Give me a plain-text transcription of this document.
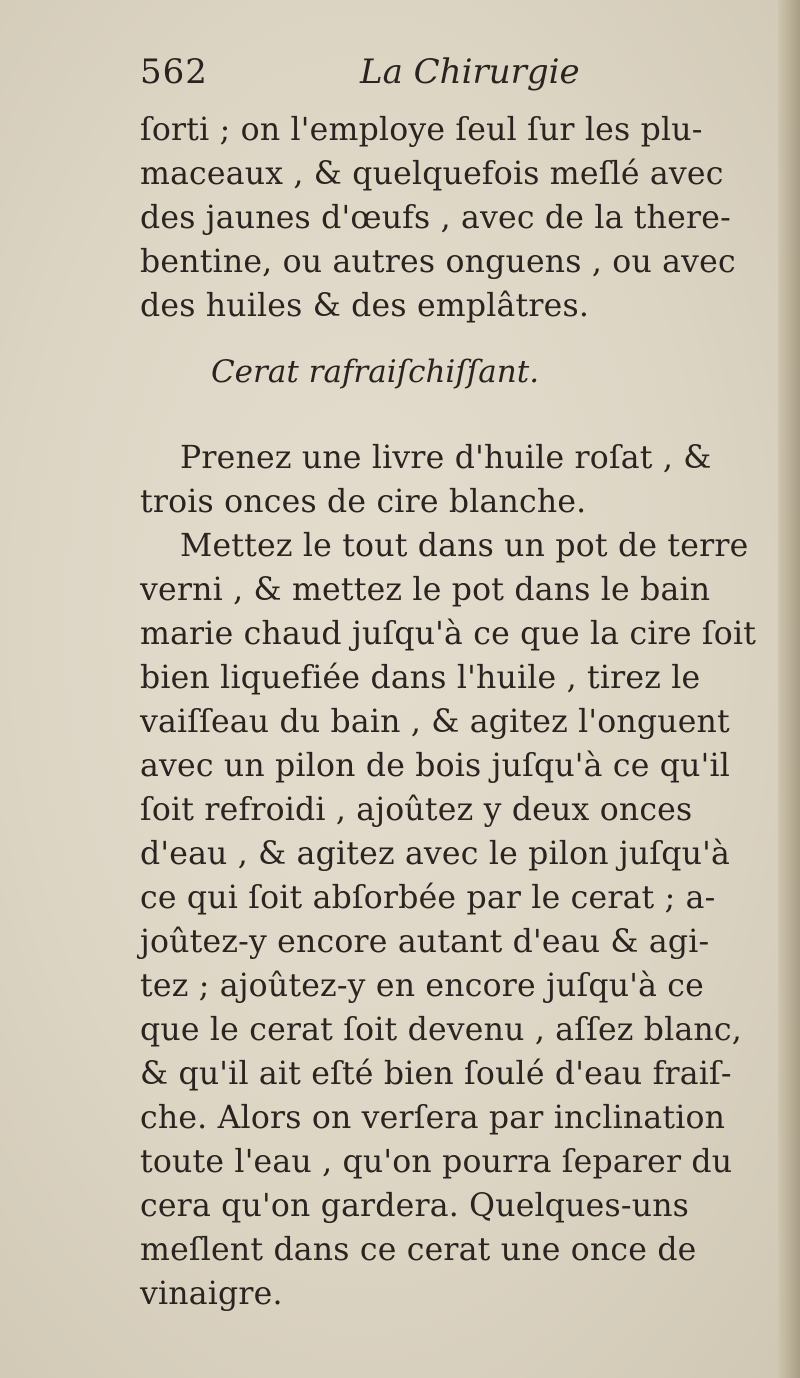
562	La Chirurgie
ſorti ; on l'employe ſeul ſur les plu-
maceaux , & quelquefois meſlé avec
des jaunes d'œufs , avec de la there-
bentine, ou autres onguens , ou avec
des huiles & des emplâtres.
Cerat rafraiſchiſſant.
Prenez une livre d'huile roſat , &
trois onces de cire blanche.
Mettez le tout dans un pot de terre
verni , & mettez le pot dans le bain
marie chaud juſqu'à ce que la cire ſoit
bien liquefiée dans l'huile , tirez le
vaiſſeau du bain , & agitez l'onguent
avec un pilon de bois juſqu'à ce qu'il
ſoit refroidi , ajoûtez y deux onces
d'eau , & agitez avec le pilon juſqu'à
ce qui ſoit abſorbée par le cerat ; a-
joûtez-y encore autant d'eau & agi-
tez ; ajoûtez-y en encore juſqu'à ce
que le cerat ſoit devenu , aſſez blanc,
& qu'il ait eſté bien ſoulé d'eau fraiſ-
che. Alors on verſera par inclination
toute l'eau , qu'on pourra ſeparer du
cera qu'on gardera. Quelques-uns
meſlent dans ce cerat une once de
vinaigre.
